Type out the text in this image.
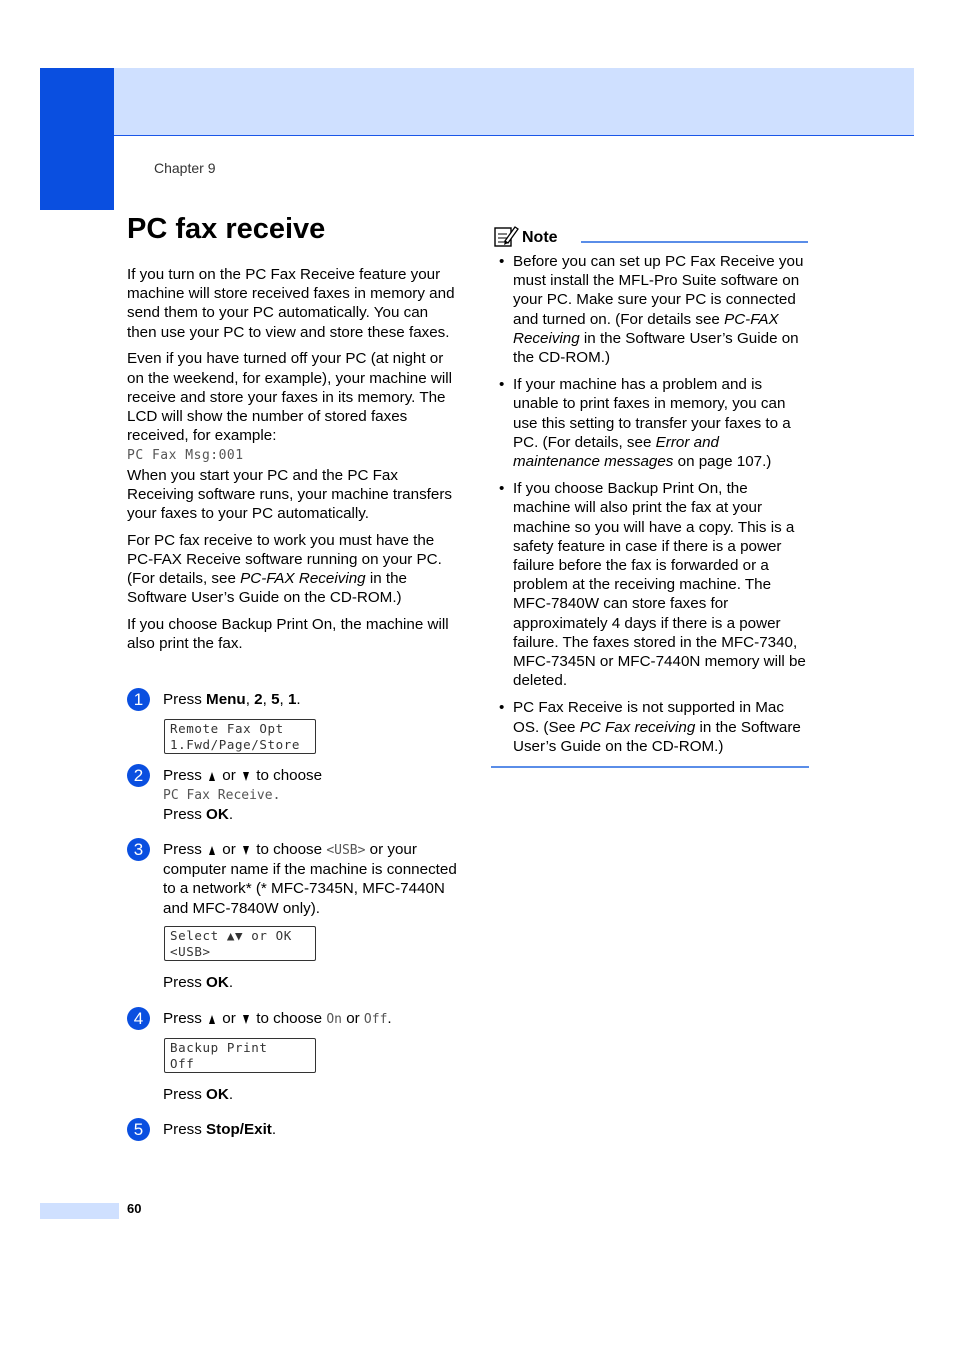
Chapter 9
PC fax receive

If you turn on the PC Fax Receive feature your machine will store received faxes in memory and send them to your PC automatically. You can then use your PC to view and store these faxes.

Even if you have turned off your PC (at night or on the weekend, for example), your machine will receive and store your faxes in its memory. The LCD will show the number of stored faxes received, for example:
PC Fax Msg:001

When you start your PC and the PC Fax Receiving software runs, your machine transfers your faxes to your PC automatically.

For PC fax receive to work you must have the PC-FAX Receive software running on your PC. (For details, see PC-FAX Receiving in the Software User’s Guide on the CD-ROM.)

If you choose Backup Print On, the machine will also print the fax.

1	Press Menu, 2, 5, 1.

Remote Fax Opt
1.Fwd/Page/Store
2	Press  or  to choose

PC Fax Receive.

Press OK.

3	Press  or  to choose <USB> or your computer name if the machine is connected to a network* (* MFC-7345N, MFC-7440N and MFC-7840W only).

Select ▲▼ or OK
<USB>

Press OK.

4	Press  or  to choose On or Off.

Backup Print
Off

Press OK.

5	Press Stop/Exit.

Note
• Before you can set up PC Fax Receive you must install the MFL-Pro Suite software on your PC. Make sure your PC is connected and turned on. (For details see PC-FAX Receiving in the Software User’s Guide on the CD-ROM.)
• If your machine has a problem and is unable to print faxes in memory, you can use this setting to transfer your faxes to a PC. (For details, see Error and maintenance messages on page 107.)
• If you choose Backup Print On, the machine will also print the fax at your machine so you will have a copy. This is a safety feature in case if there is a power failure before the fax is forwarded or a problem at the receiving machine. The MFC-7840W can store faxes for approximately 4 days if there is a power failure. The faxes stored in the MFC-7340, MFC-7345N or MFC-7440N memory will be deleted.
• PC Fax Receive is not supported in Mac OS. (See PC Fax receiving in the Software User’s Guide on the CD-ROM.)
60
